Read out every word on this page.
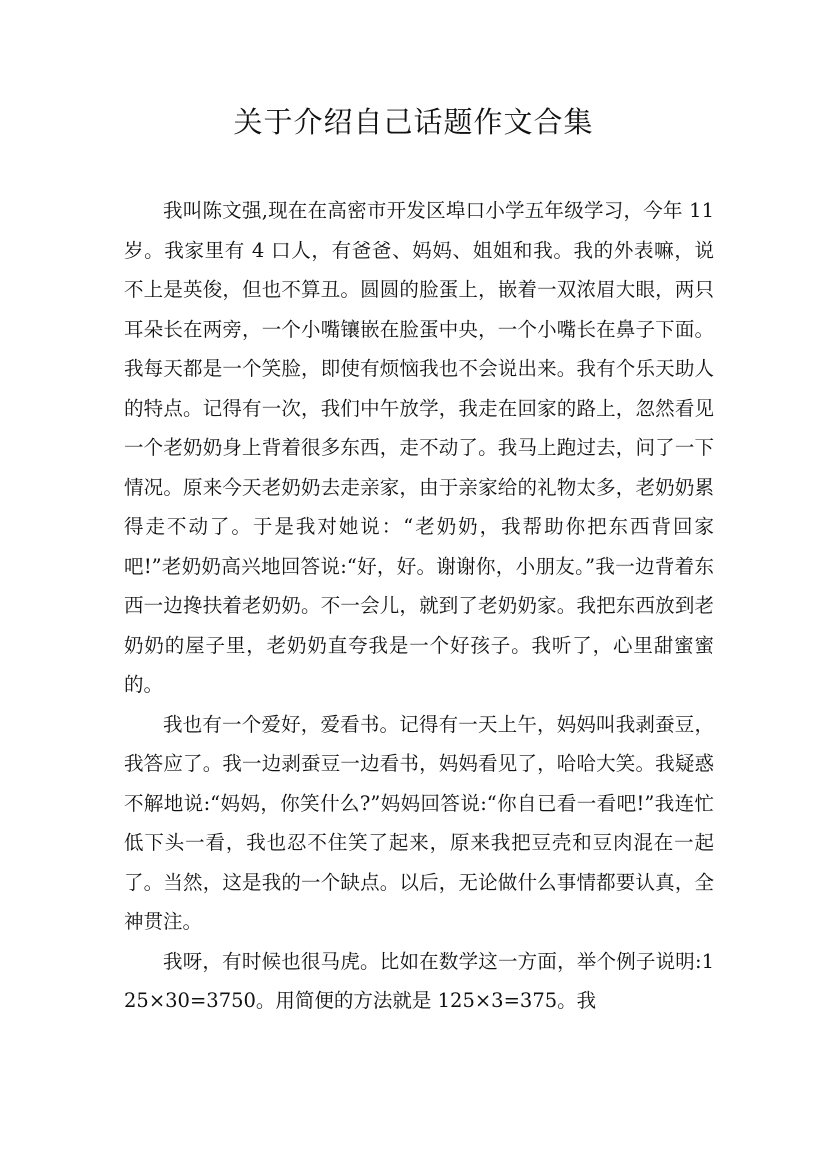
关于介绍自己话题作文合集

我叫陈文强,现在在高密市开发区埠口小学五年级学习，今年 11 岁。我家里有 4 口人，有爸爸、妈妈、姐姐和我。我的外表嘛，说不上是英俊，但也不算丑。圆圆的脸蛋上，嵌着一双浓眉大眼，两只耳朵长在两旁，一个小嘴镶嵌在脸蛋中央，一个小嘴长在鼻子下面。我每天都是一个笑脸，即使有烦恼我也不会说出来。我有个乐天助人的特点。记得有一次，我们中午放学，我走在回家的路上，忽然看见一个老奶奶身上背着很多东西，走不动了。我马上跑过去，问了一下情况。原来今天老奶奶去走亲家，由于亲家给的礼物太多，老奶奶累得走不动了。于是我对她说：“老奶奶，我帮助你把东西背回家吧!”老奶奶高兴地回答说:“好，好。谢谢你，小朋友。”我一边背着东西一边搀扶着老奶奶。不一会儿，就到了老奶奶家。我把东西放到老奶奶的屋子里，老奶奶直夸我是一个好孩子。我听了，心里甜蜜蜜的。

我也有一个爱好，爱看书。记得有一天上午，妈妈叫我剥蚕豆，我答应了。我一边剥蚕豆一边看书，妈妈看见了，哈哈大笑。我疑惑不解地说:“妈妈，你笑什么?”妈妈回答说:“你自已看一看吧!”我连忙低下头一看，我也忍不住笑了起来，原来我把豆壳和豆肉混在一起了。当然，这是我的一个缺点。以后，无论做什么事情都要认真，全神贯注。

我呀，有时候也很马虎。比如在数学这一方面，举个例子说明:125×30=3750。用简便的方法就是 125×3=375。我
